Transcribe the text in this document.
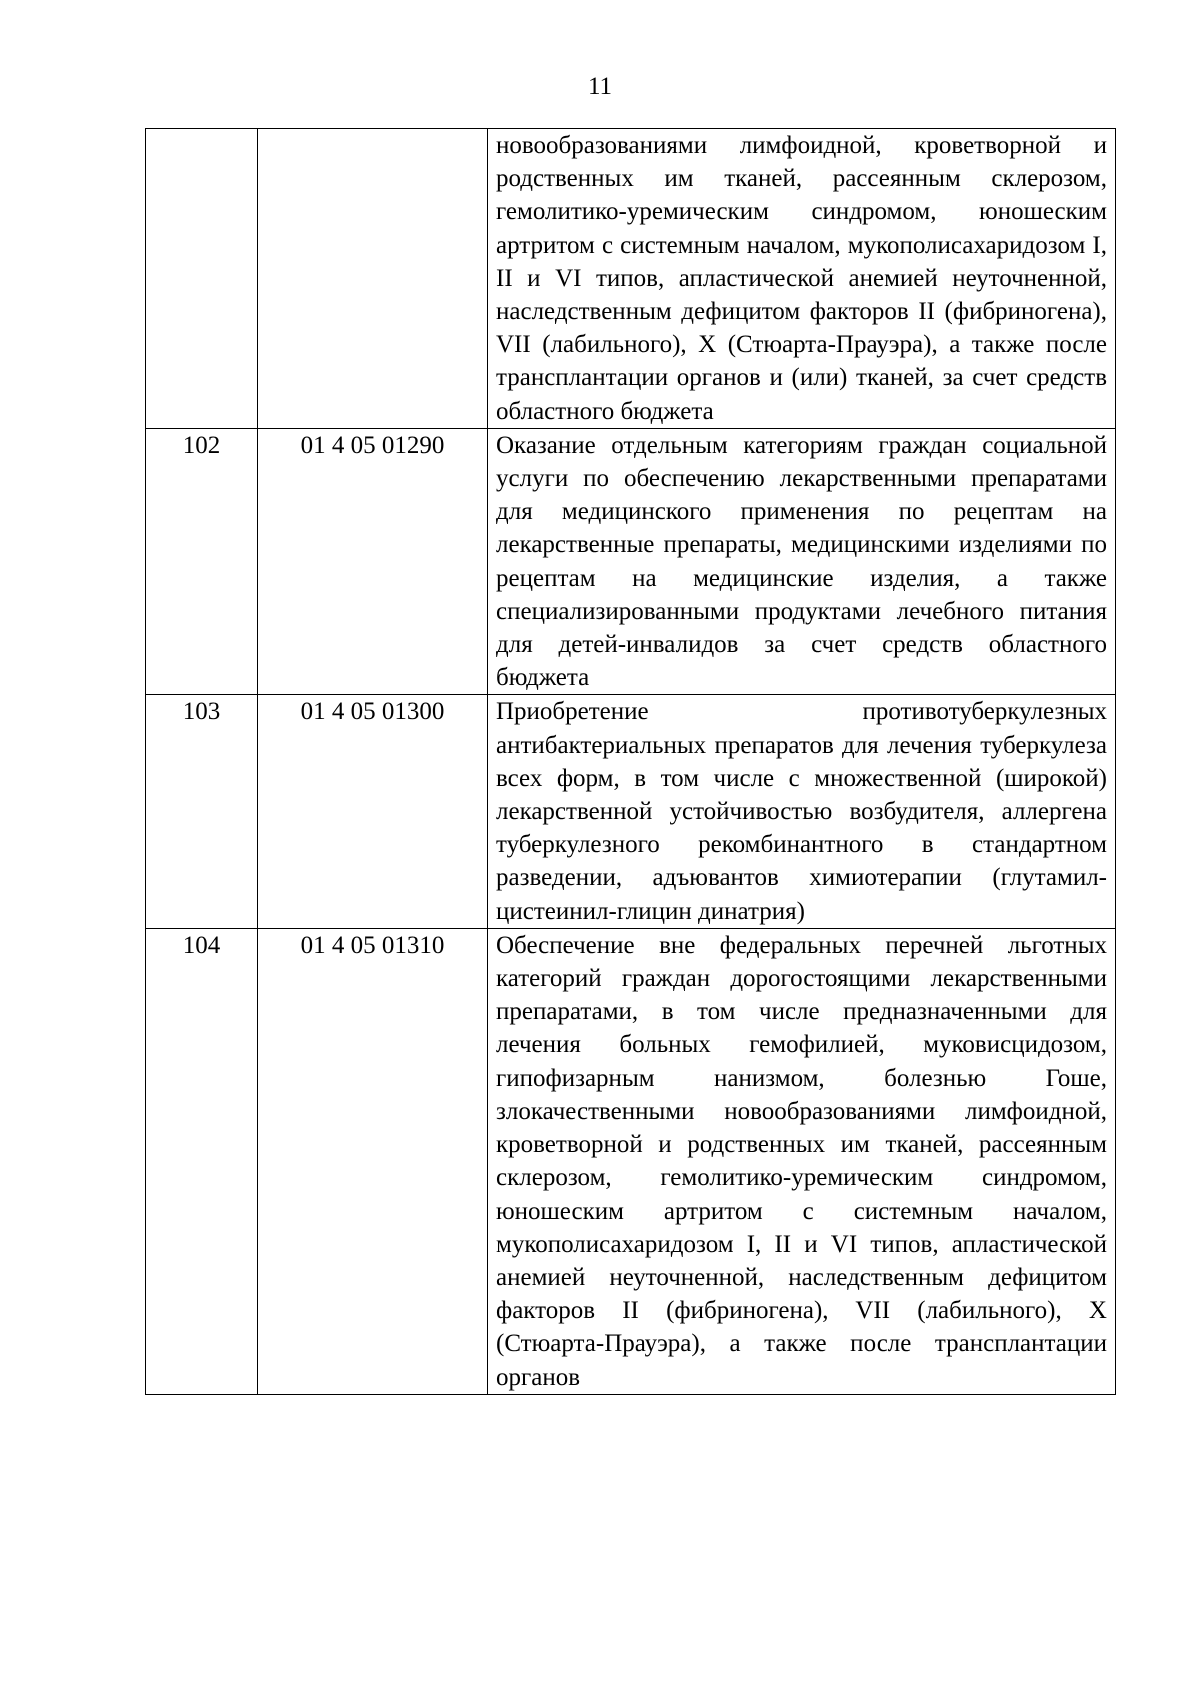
11

		новообразованиями лимфоидной, кроветворной и родственных им тканей, рассеянным склерозом, гемолитико-уремическим синдромом, юношеским артритом с системным началом, мукополисахаридозом I, II и VI типов, апластической анемией неуточненной, наследственным дефицитом факторов II (фибриногена), VII (лабильного), X (Стюарта-Прауэра), а также после трансплантации органов и (или) тканей, за счет средств областного бюджета

102	01 4 05 01290	Оказание отдельным категориям граждан социальной услуги по обеспечению лекарственными препаратами для медицинского применения по рецептам на лекарственные препараты, медицинскими изделиями по рецептам на медицинские изделия, а также специализированными продуктами лечебного питания для детей-инвалидов за счет средств областного бюджета

103	01 4 05 01300	Приобретение противотуберкулезных антибактериальных препаратов для лечения туберкулеза всех форм, в том числе с множественной (широкой) лекарственной устойчивостью возбудителя, аллергена туберкулезного рекомбинантного в стандартном разведении, адъювантов химиотерапии (глутамил-цистеинил-глицин динатрия)

104	01 4 05 01310	Обеспечение вне федеральных перечней льготных категорий граждан дорогостоящими лекарственными препаратами, в том числе предназначенными для лечения больных гемофилией, муковисцидозом, гипофизарным нанизмом, болезнью Гоше, злокачественными новообразованиями лимфоидной, кроветворной и родственных им тканей, рассеянным склерозом, гемолитико-уремическим синдромом, юношеским артритом с системным началом, мукополисахаридозом I, II и VI типов, апластической анемией неуточненной, наследственным дефицитом факторов II (фибриногена), VII (лабильного), X (Стюарта-Прауэра), а также после трансплантации органов
